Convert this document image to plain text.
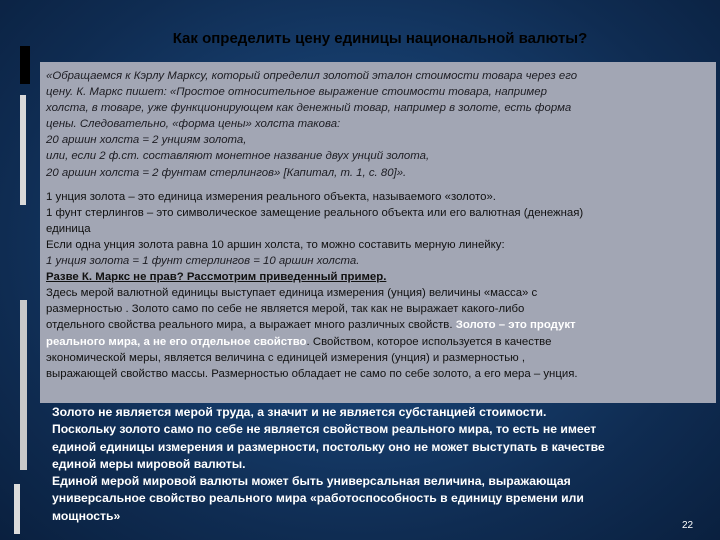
Как определить цену единицы национальной валюты?
«Обращаемся к Кэрлу Марксу, который определил золотой эталон стоимости товара через его
цену. К. Маркс пишет: «Простое относительное выражение стоимости товара, например
холста, в товаре, уже функционирующем как денежный товар, например в золоте, есть форма
цены. Следовательно, «форма цены» холста такова:
20 аршин холста = 2 унциям золота,
или, если 2 ф.ст. составляют монетное название двух унций золота,
20 аршин холста = 2 фунтам стерлингов» [Капитал, т. 1, с. 80]».
1 унция золота – это единица измерения реального объекта, называемого «золото».
1 фунт стерлингов – это символическое замещение реального объекта или его валютная (денежная)
единица
Если одна унция золота равна 10 аршин холста, то можно составить мерную линейку:
1 унция золота = 1 фунт стерлингов = 10 аршин холста.
Разве К. Маркс не прав? Рассмотрим приведенный пример.
Здесь мерой валютной единицы выступает единица измерения (унция) величины «масса» с
размерностью . Золото само по себе не является мерой, так как не выражает какого-либо
отдельного свойства реального мира, а выражает много различных свойств. Золото – это продукт
реального мира, а не его отдельное свойство. Свойством, которое используется в качестве
экономической меры, является величина с единицей измерения (унция) и размерностью ,
выражающей свойство массы. Размерностью обладает не само по себе золото, а его мера – унция.
Золото не является мерой труда, а значит и не является субстанцией стоимости.
Поскольку золото само по себе не является свойством реального мира, то есть не имеет
единой единицы измерения и размерности, постольку оно не может выступать в качестве
единой меры мировой валюты.
Единой мерой мировой валюты может быть универсальная величина, выражающая
универсальное свойство реального мира «работоспособность в единицу времени или
мощность»
22
